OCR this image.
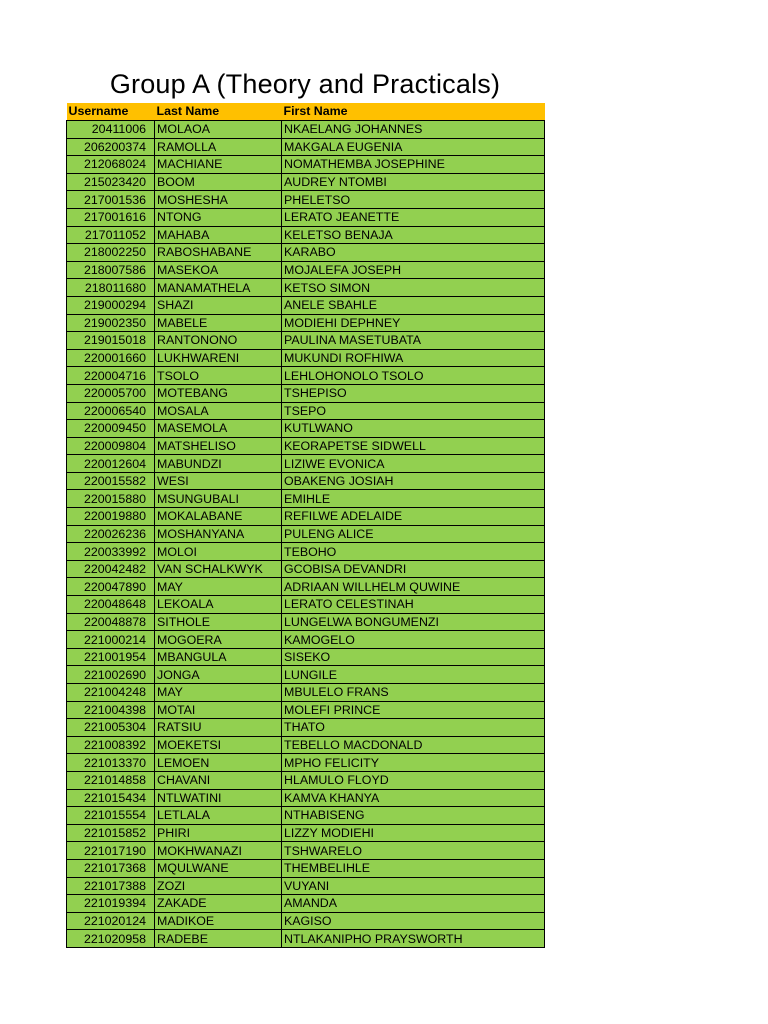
Group A (Theory and Practicals)
Username	Last Name	First Name
20411006	MOLAOA	NKAELANG JOHANNES
206200374	RAMOLLA	MAKGALA EUGENIA
212068024	MACHIANE	NOMATHEMBA JOSEPHINE
215023420	BOOM	AUDREY NTOMBI
217001536	MOSHESHA	PHELETSO
217001616	NTONG	LERATO JEANETTE
217011052	MAHABA	KELETSO BENAJA
218002250	RABOSHABANE	KARABO
218007586	MASEKOA	MOJALEFA JOSEPH
218011680	MANAMATHELA	KETSO SIMON
219000294	SHAZI	ANELE SBAHLE
219002350	MABELE	MODIEHI DEPHNEY
219015018	RANTONONO	PAULINA MASETUBATA
220001660	LUKHWARENI	MUKUNDI ROFHIWA
220004716	TSOLO	LEHLOHONOLO TSOLO
220005700	MOTEBANG	TSHEPISO
220006540	MOSALA	TSEPO
220009450	MASEMOLA	KUTLWANO
220009804	MATSHELISO	KEORAPETSE SIDWELL
220012604	MABUNDZI	LIZIWE EVONICA
220015582	WESI	OBAKENG JOSIAH
220015880	MSUNGUBALI	EMIHLE
220019880	MOKALABANE	REFILWE ADELAIDE
220026236	MOSHANYANA	PULENG ALICE
220033992	MOLOI	TEBOHO
220042482	VAN SCHALKWYK	GCOBISA DEVANDRI
220047890	MAY	ADRIAAN WILLHELM QUWINE
220048648	LEKOALA	LERATO CELESTINAH
220048878	SITHOLE	LUNGELWA BONGUMENZI
221000214	MOGOERA	KAMOGELO
221001954	MBANGULA	SISEKO
221002690	JONGA	LUNGILE
221004248	MAY	MBULELO FRANS
221004398	MOTAI	MOLEFI PRINCE
221005304	RATSIU	THATO
221008392	MOEKETSI	TEBELLO MACDONALD
221013370	LEMOEN	MPHO FELICITY
221014858	CHAVANI	HLAMULO FLOYD
221015434	NTLWATINI	KAMVA KHANYA
221015554	LETLALA	NTHABISENG
221015852	PHIRI	LIZZY MODIEHI
221017190	MOKHWANAZI	TSHWARELO
221017368	MQULWANE	THEMBELIHLE
221017388	ZOZI	VUYANI
221019394	ZAKADE	AMANDA
221020124	MADIKOE	KAGISO
221020958	RADEBE	NTLAKANIPHO PRAYSWORTH
